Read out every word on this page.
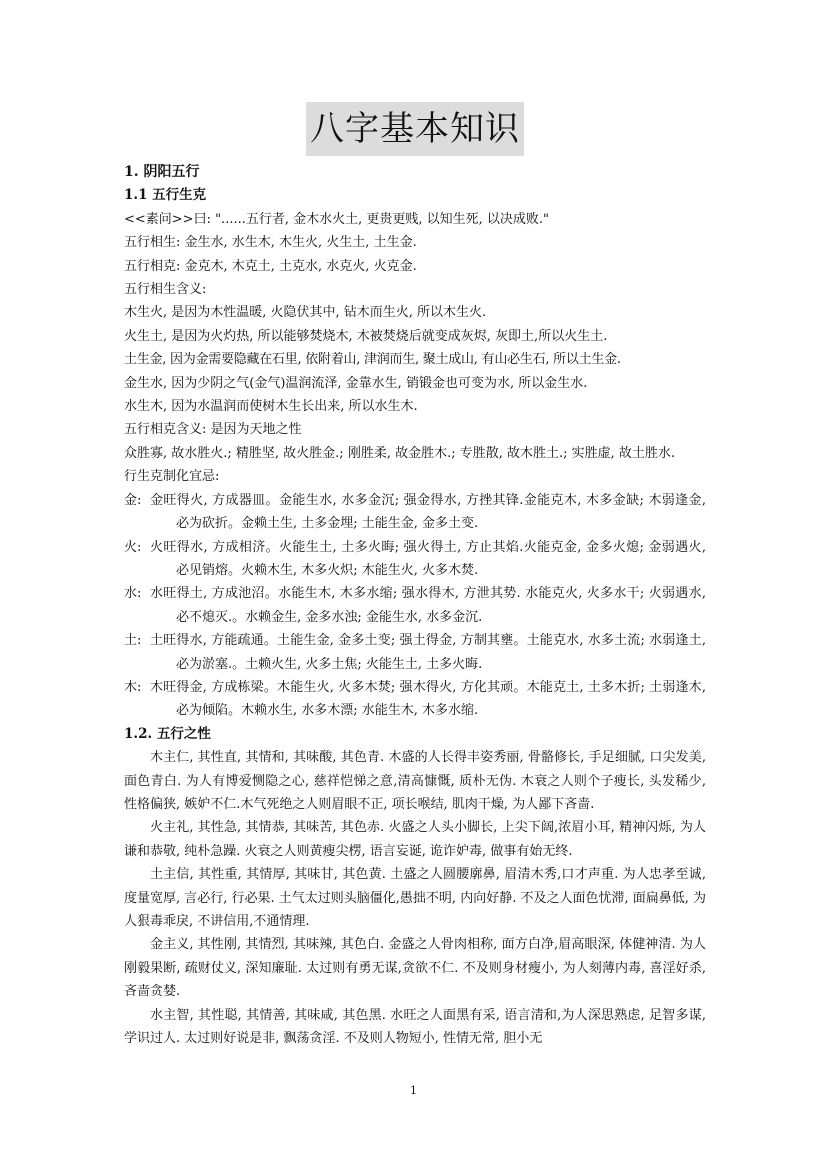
八字基本知识
1. 阴阳五行
1.1 五行生克
<<素问>>曰: "......五行者, 金木水火土, 更贵更贱, 以知生死, 以决成败."
五行相生: 金生水, 水生木, 木生火, 火生土, 土生金.
五行相克: 金克木, 木克土, 土克水, 水克火, 火克金.
五行相生含义:
木生火, 是因为木性温暖, 火隐伏其中, 钻木而生火, 所以木生火.
火生土, 是因为火灼热, 所以能够焚烧木, 木被焚烧后就变成灰烬, 灰即土,所以火生土.
土生金, 因为金需要隐藏在石里, 依附着山, 津润而生, 聚土成山, 有山必生石, 所以土生金.
金生水, 因为少阴之气(金气)温润流泽, 金靠水生, 销锻金也可变为水, 所以金生水.
水生木, 因为水温润而使树木生长出来, 所以水生木.
五行相克含义: 是因为天地之性
众胜寡, 故水胜火.; 精胜坚, 故火胜金.; 刚胜柔, 故金胜木.; 专胜散, 故木胜土.; 实胜虚, 故土胜水.
行生克制化宜忌:
金: 金旺得火, 方成器皿。金能生水, 水多金沉; 强金得水, 方挫其锋.金能克木, 木多金缺; 木弱逢金, 必为砍折。金赖土生, 土多金埋; 土能生金, 金多土变.
火: 火旺得水, 方成相济。火能生土, 土多火晦; 强火得土, 方止其焰.火能克金, 金多火熄; 金弱遇火, 必见销熔。火赖木生, 木多火炽; 木能生火, 火多木焚.
水: 水旺得土, 方成池沼。水能生木, 木多水缩; 强水得木, 方泄其势. 水能克火, 火多水干; 火弱遇水, 必不熄灭.。水赖金生, 金多水浊; 金能生水, 水多金沉.
土: 土旺得水, 方能疏通。土能生金, 金多土变; 强土得金, 方制其壅。土能克水, 水多土流; 水弱逢土, 必为淤塞.。土赖火生, 火多土焦; 火能生土, 土多火晦.
木: 木旺得金, 方成栋梁。木能生火, 火多木焚; 强木得火, 方化其顽。木能克土, 土多木折; 土弱逢木, 必为倾陷。木赖水生, 水多木漂; 水能生木, 木多水缩.
1.2. 五行之性
木主仁, 其性直, 其情和, 其味酸, 其色青. 木盛的人长得丰姿秀丽, 骨骼修长, 手足细腻, 口尖发美, 面色青白. 为人有博爱恻隐之心, 慈祥恺悌之意,清高慷慨, 质朴无伪. 木衰之人则个子瘦长, 头发稀少, 性格偏狭, 嫉妒不仁.木气死绝之人则眉眼不正, 项长喉结, 肌肉干燥, 为人鄙下吝啬.
火主礼, 其性急, 其情恭, 其味苦, 其色赤. 火盛之人头小脚长, 上尖下阔,浓眉小耳, 精神闪烁, 为人谦和恭敬, 纯朴急躁. 火衰之人则黄瘦尖楞, 语言妄诞, 诡诈妒毒, 做事有始无终.
土主信, 其性重, 其情厚, 其味甘, 其色黄. 土盛之人圆腰廓鼻, 眉清木秀,口才声重. 为人忠孝至诚, 度量宽厚, 言必行, 行必果. 土气太过则头脑僵化,愚拙不明, 内向好静. 不及之人面色忧滞, 面扁鼻低, 为人狠毒乖戾, 不讲信用,不通情理.
金主义, 其性刚, 其情烈, 其味辣, 其色白. 金盛之人骨肉相称, 面方白净,眉高眼深, 体健神清. 为人刚毅果断, 疏财仗义, 深知廉耻. 太过则有勇无谋,贪欲不仁. 不及则身材瘦小, 为人刻薄内毒, 喜淫好杀, 吝啬贪婪.
水主智, 其性聪, 其情善, 其味咸, 其色黑. 水旺之人面黑有采, 语言清和,为人深思熟虑, 足智多谋, 学识过人. 太过则好说是非, 飘荡贪淫. 不及则人物短小, 性情无常, 胆小无
1
